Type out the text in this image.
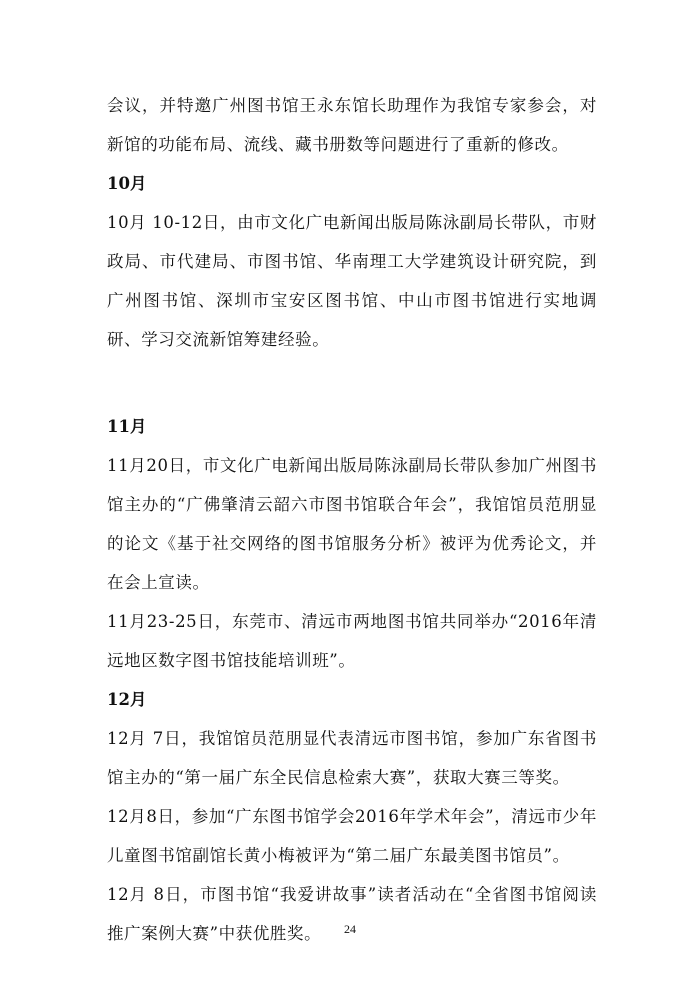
会议，并特邀广州图书馆王永东馆长助理作为我馆专家参会，对新馆的功能布局、流线、藏书册数等问题进行了重新的修改。

10月

10月 10-12日，由市文化广电新闻出版局陈泳副局长带队，市财政局、市代建局、市图书馆、华南理工大学建筑设计研究院，到广州图书馆、深圳市宝安区图书馆、中山市图书馆进行实地调研、学习交流新馆筹建经验。

11月

11月20日，市文化广电新闻出版局陈泳副局长带队参加广州图书馆主办的“广佛肇清云韶六市图书馆联合年会”，我馆馆员范朋显的论文《基于社交网络的图书馆服务分析》被评为优秀论文，并在会上宣读。

11月23-25日，东莞市、清远市两地图书馆共同举办“2016年清远地区数字图书馆技能培训班”。

12月

12月 7日，我馆馆员范朋显代表清远市图书馆，参加广东省图书馆主办的“第一届广东全民信息检索大赛”，获取大赛三等奖。

12月8日，参加“广东图书馆学会2016年学术年会”，清远市少年儿童图书馆副馆长黄小梅被评为“第二届广东最美图书馆员”。

12月 8日，市图书馆“我爱讲故事”读者活动在“全省图书馆阅读推广案例大赛”中获优胜奖。	24
